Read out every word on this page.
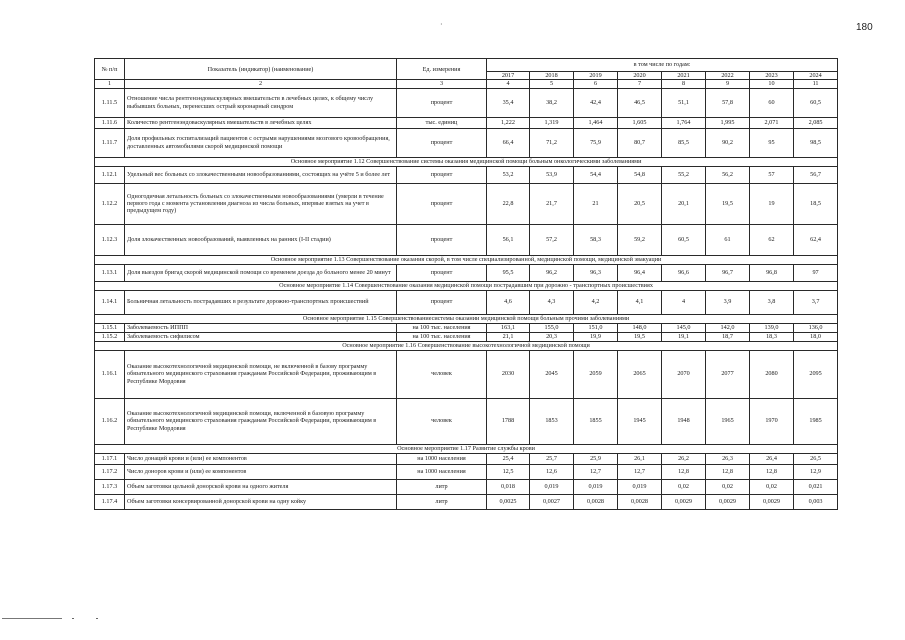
·	180
№ п/п	Показатель (индикатор) (наименование)	Ед. измерения	в том числе по годам:							
			2017	2018	2019	2020	2021	2022	2023	2024
1	2	3	4	5	6	7	8	9	10	11
1.11.5	Отношение числа рентгенэндоваскулярных вмешательств в лечебных целях, к общему числу выбывших больных, перенесших острый коронарный синдром	процент	35,4	38,2	42,4	46,5	51,1	57,8	60	60,5
1.11.6	Количество рентгенэндоваскулярных вмешательств в лечебных целях	тыс. единиц	1,222	1,319	1,464	1,605	1,764	1,995	2,071	2,085
1.11.7	Доля профильных госпитализаций пациентов с острыми нарушениями мозгового кровообращения, доставленных автомобилями скорой медицинской помощи	процент	66,4	71,2	75,9	80,7	85,5	90,2	95	98,5
Основное мероприятие 1.12 Совершенствование системы оказания медицинской помощи больным онкологическими заболеваниями										
1.12.1	Удельный вес больных со злокачественными новообразованиями, состоящих на учёте 5 и более лет	процент	53,2	53,9	54,4	54,8	55,2	56,2	57	56,7
1.12.2	Одногодичная летальность больных со злокачественными новообразованиями (умерли в течение первого года с момента установления диагноза из числа больных, впервые взятых на учет в предыдущем году)	процент	22,8	21,7	21	20,5	20,1	19,5	19	18,5
1.12.3	Доля злокачественных новообразований, выявленных на ранних (I-II стадии)	процент	56,1	57,2	58,3	59,2	60,5	61	62	62,4
Основное мероприятие 1.13 Совершенствование оказания скорой, в том числе специализированной, медицинской помощи, медицинской эвакуации										
1.13.1	Доля выездов бригад скорой медицинской помощи со временем доезда до больного менее 20 минут	процент	95,5	96,2	96,3	96,4	96,6	96,7	96,8	97
Основное мероприятие 1.14 Совершенствование оказания медицинской помощи пострадавшим при дорожно - транспортных происшествиях										
1.14.1	Больничная летальность пострадавших в результате дорожно-транспортных происшествий	процент	4,6	4,3	4,2	4,1	4	3,9	3,8	3,7
Основное мероприятие 1.15 Совершенствованиесистемы оказании медицинской помощи больным прочими заболеваниями										
1.15.1	Заболеваемость ИППП	на 100 тыс. населения	163,1	155,0	151,0	148,0	145,0	142,0	139,0	136,0
1.15.2	Заболеваемость сифилисом	на 100 тыс. населения	21,1	20,3	19,9	19,5	19,1	18,7	18,3	18,0
Основное мероприятие 1.16 Совершенствование высокотехнологичной медицинской помощи										
1.16.1	Оказание высокотехнологичной медицинской помощи, не включенной в базову программу обязательного медицинского страхования гражданам Российской Федерации, проживающим в Республике Мордовия	человек	2030	2045	2059	2065	2070	2077	2080	2095
1.16.2	Оказание высокотехнологичной медицинской помощи, включенной в базовую программу обязательного медицинского страхования гражданам Российской Федерации, проживающим в Республике Мордовия	человек	1788	1853	1855	1945	1948	1965	1970	1985
Основное мероприятие 1.17 Развитие службы крови										
1.17.1	Число донаций крови и (или) ее компонентов	на 1000 населения	25,4	25,7	25,9	26,1	26,2	26,3	26,4	26,5
1.17.2	Число доноров крови и (или) ее компонентов	на 1000 населения	12,5	12,6	12,7	12,7	12,8	12,8	12,8	12,9
1.17.3	Объем заготовки цельной донорской крови на одного жителя	литр	0,018	0,019	0,019	0,019	0,02	0,02	0,02	0,021
1.17.4	Объем заготовки консервированной донорской крови на одну койку	литр	0,0025	0,0027	0,0028	0,0028	0,0029	0,0029	0,0029	0,003
